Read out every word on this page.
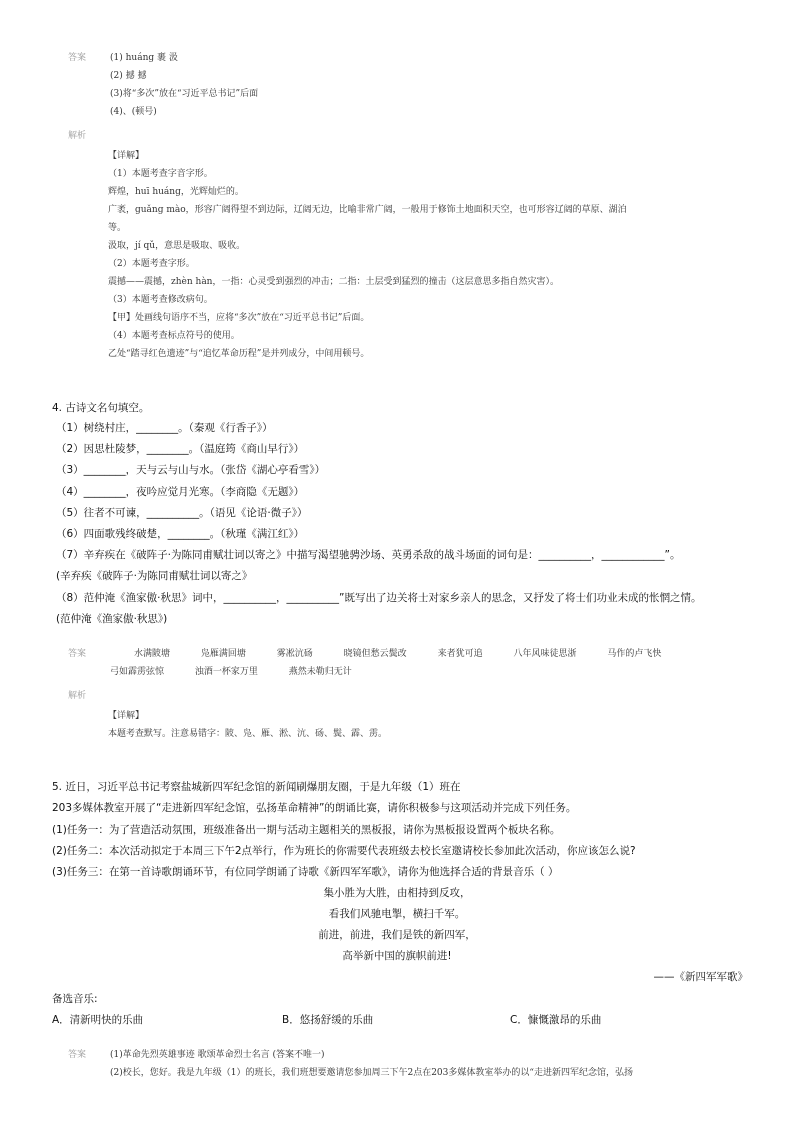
答案	(1) huáng 裹 汲
(2) 撼 撼
(3)将“多次”放在“习近平总书记”后面
(4)、(顿号)
解析
【详解】
（1）本题考查字音字形。
辉煌，huī huáng，光辉灿烂的。
广袤，guǎng mào，形容广阔得望不到边际，辽阔无边，比喻非常广阔，一般用于修饰土地面积天空，也可形容辽阔的草原、湖泊
等。
汲取，jí qǔ，意思是吸取、吸收。
（2）本题考查字形。
震撼——震撼，zhèn hàn，一指：心灵受到强烈的冲击；二指：土层受到猛烈的撞击（这层意思多指自然灾害）。
（3）本题考查修改病句。
【甲】处画线句语序不当，应将“多次”放在“习近平总书记”后面。
（4）本题考查标点符号的使用。
乙处“踏寻红色遗迹”与“追忆革命历程”是并列成分，中间用顿号。
4. 古诗文名句填空。
（1）树绕村庄，________。（秦观《行香子》）
（2）因思杜陵梦，________。（温庭筠《商山早行》）
（3）________，天与云与山与水。（张岱《湖心亭看雪》）
（4）________，夜吟应觉月光寒。（李商隐《无题》）
（5）往者不可谏，__________。（语见《论语·微子》）
（6）四面歌残终破楚，________。（秋瑾《满江红》）
（7）辛弃疾在《破阵子·为陈同甫赋壮词以寄之》中描写渴望驰骋沙场、英勇杀敌的战斗场面的词句是：__________，____________”。
(辛弃疾《破阵子·为陈同甫赋壮词以寄之》
（8）范仲淹《渔家傲·秋思》词中，__________，__________”既写出了边关将士对家乡亲人的思念，又抒发了将士们功业未成的怅惘之情。
(范仲淹《渔家傲·秋思》)
答案	水满陂塘	凫雁满回塘	雾凇沆砀	晓镜但愁云鬓改	来者犹可追	八年风味徒思浙	马作的卢飞快
弓如霹雳弦惊	浊酒一杯家万里	燕然未勒归无计
解析
【详解】
本题考查默写。注意易错字：陂、凫、雁、淞、沆、砀、鬓、霹、雳。
5. 近日，习近平总书记考察盐城新四军纪念馆的新闻刷爆朋友圈，于是九年级（1）班在
203多媒体教室开展了“走进新四军纪念馆，弘扬革命精神”的朗诵比赛，请你积极参与这项活动并完成下列任务。
(1)任务一：为了营造活动氛围，班级准备出一期与活动主题相关的黑板报，请你为黑板报设置两个板块名称。
(2)任务二：本次活动拟定于本周三下午2点举行，作为班长的你需要代表班级去校长室邀请校长参加此次活动，你应该怎么说?
(3)任务三：在第一首诗歌朗诵环节，有位同学朗诵了诗歌《新四军军歌》，请你为他选择合适的背景音乐（ ）
集小胜为大胜，由相持到反攻，
看我们风驰电掣，横扫千军。
前进，前进，我们是铁的新四军，
高举新中国的旗帜前进!
——《新四军军歌》
备选音乐:
A．清新明快的乐曲	B．悠扬舒缓的乐曲	C．慷慨激昂的乐曲
答案	(1)革命先烈英雄事迹 歌颂革命烈士名言 (答案不唯一)
(2)校长，您好。我是九年级（1）的班长，我们班想要邀请您参加周三下午2点在203多媒体教室举办的以“走进新四军纪念馆，弘扬
